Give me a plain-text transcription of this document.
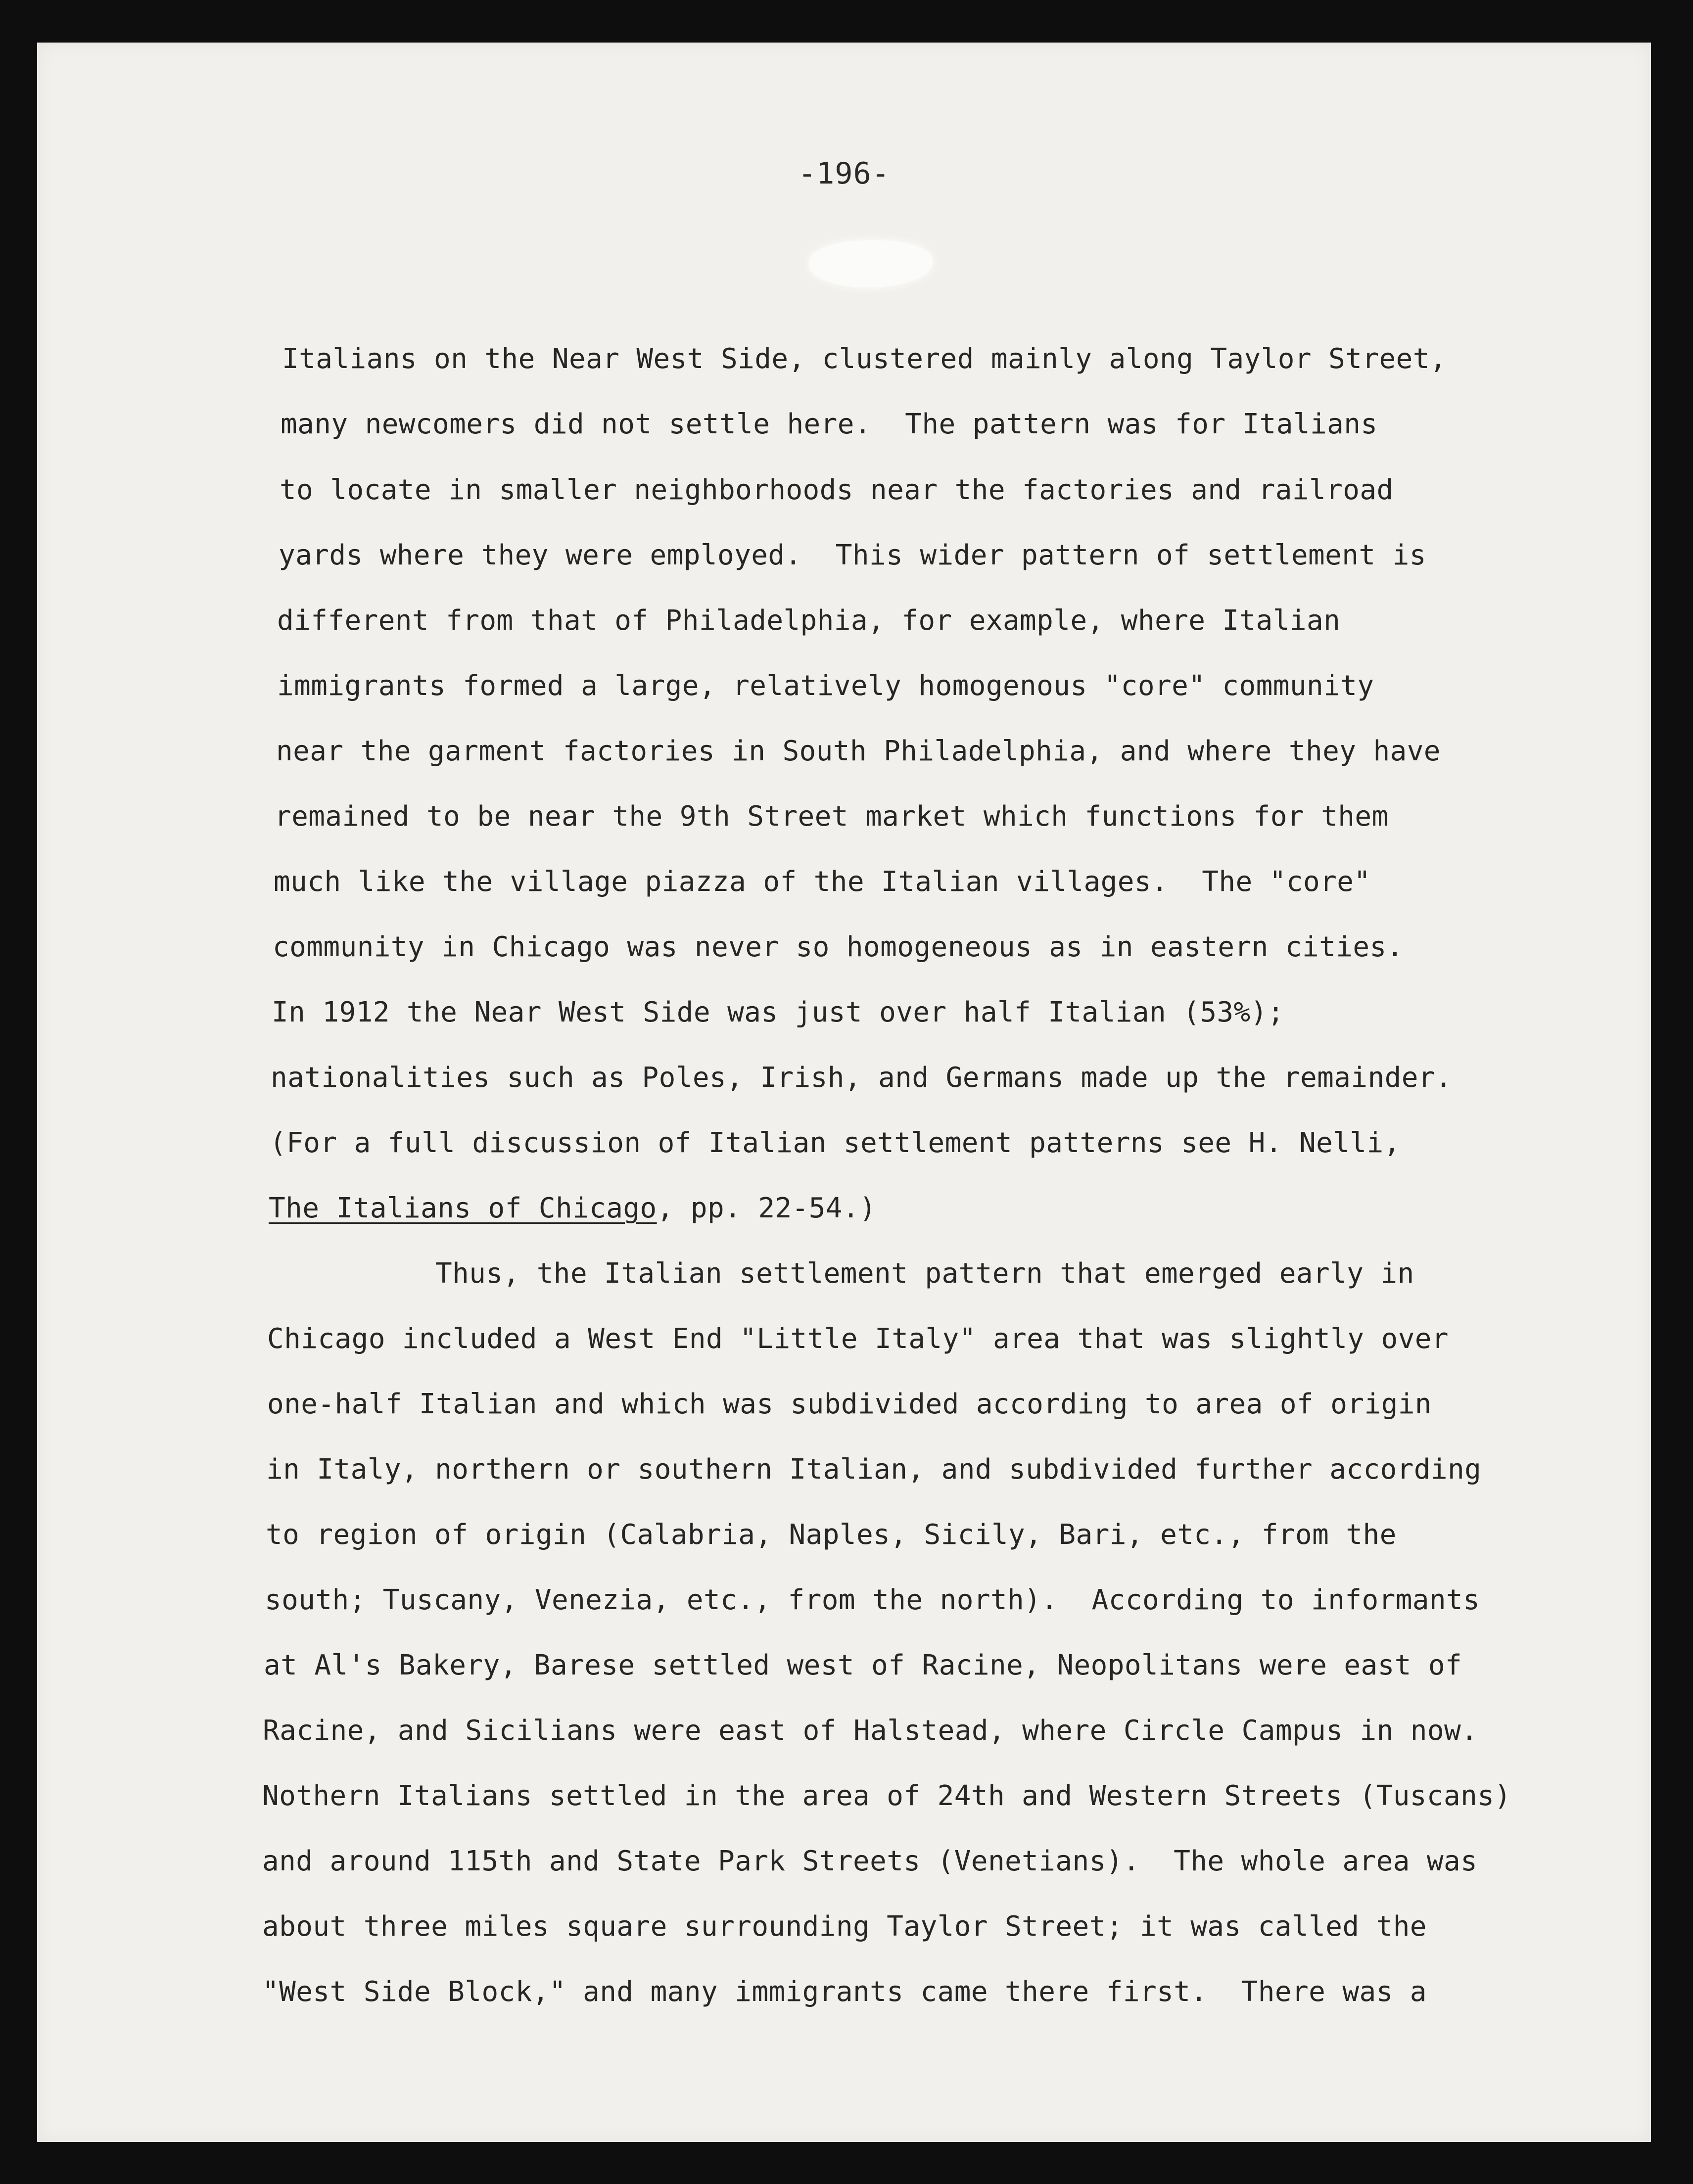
-196-
Italians on the Near West Side, clustered mainly along Taylor Street,
many newcomers did not settle here.  The pattern was for Italians
to locate in smaller neighborhoods near the factories and railroad
yards where they were employed.  This wider pattern of settlement is
different from that of Philadelphia, for example, where Italian
immigrants formed a large, relatively homogenous "core" community
near the garment factories in South Philadelphia, and where they have
remained to be near the 9th Street market which functions for them
much like the village piazza of the Italian villages.  The "core"
community in Chicago was never so homogeneous as in eastern cities.
In 1912 the Near West Side was just over half Italian (53%);
nationalities such as Poles, Irish, and Germans made up the remainder.
(For a full discussion of Italian settlement patterns see H. Nelli,
The Italians of Chicago, pp. 22-54.)
Thus, the Italian settlement pattern that emerged early in
Chicago included a West End "Little Italy" area that was slightly over
one-half Italian and which was subdivided according to area of origin
in Italy, northern or southern Italian, and subdivided further according
to region of origin (Calabria, Naples, Sicily, Bari, etc., from the
south; Tuscany, Venezia, etc., from the north).  According to informants
at Al's Bakery, Barese settled west of Racine, Neopolitans were east of
Racine, and Sicilians were east of Halstead, where Circle Campus in now.
Nothern Italians settled in the area of 24th and Western Streets (Tuscans)
and around 115th and State Park Streets (Venetians).  The whole area was
about three miles square surrounding Taylor Street; it was called the
"West Side Block," and many immigrants came there first.  There was a
